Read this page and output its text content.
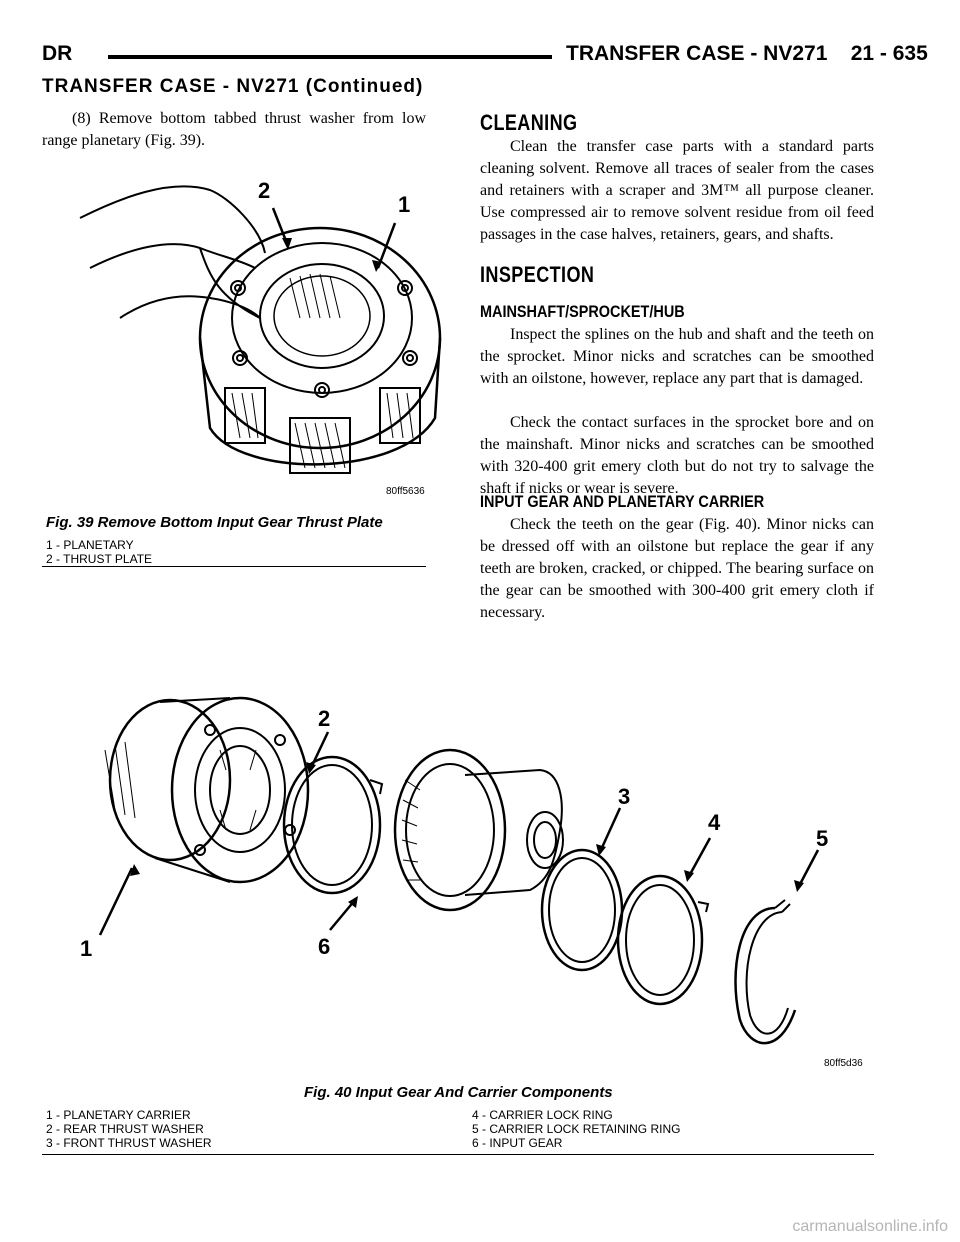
DR	TRANSFER CASE - NV271    21 - 635
TRANSFER CASE - NV271 (Continued)
(8) Remove bottom tabbed thrust washer from low range planetary (Fig. 39).
2
1
80ff5636
Fig. 39 Remove Bottom Input Gear Thrust Plate
1 - PLANETARY
2 - THRUST PLATE
CLEANING
Clean the transfer case parts with a standard parts cleaning solvent. Remove all traces of sealer from the cases and retainers with a scraper and 3M™ all purpose cleaner. Use compressed air to remove solvent residue from oil feed passages in the case halves, retainers, gears, and shafts.
INSPECTION
MAINSHAFT/SPROCKET/HUB
Inspect the splines on the hub and shaft and the teeth on the sprocket. Minor nicks and scratches can be smoothed with an oilstone, however, replace any part that is damaged.
Check the contact surfaces in the sprocket bore and on the mainshaft. Minor nicks and scratches can be smoothed with 320-400 grit emery cloth but do not try to salvage the shaft if nicks or wear is severe.
INPUT GEAR AND PLANETARY CARRIER
Check the teeth on the gear (Fig. 40). Minor nicks can be dressed off with an oilstone but replace the gear if any teeth are broken, cracked, or chipped. The bearing surface on the gear can be smoothed with 300-400 grit emery cloth if necessary.
2
3
4
5
1	6
80ff5d36
Fig. 40 Input Gear And Carrier Components
1 - PLANETARY CARRIER
2 - REAR THRUST WASHER
3 - FRONT THRUST WASHER
4 - CARRIER LOCK RING
5 - CARRIER LOCK RETAINING RING
6 - INPUT GEAR
carmanualsonline.info
